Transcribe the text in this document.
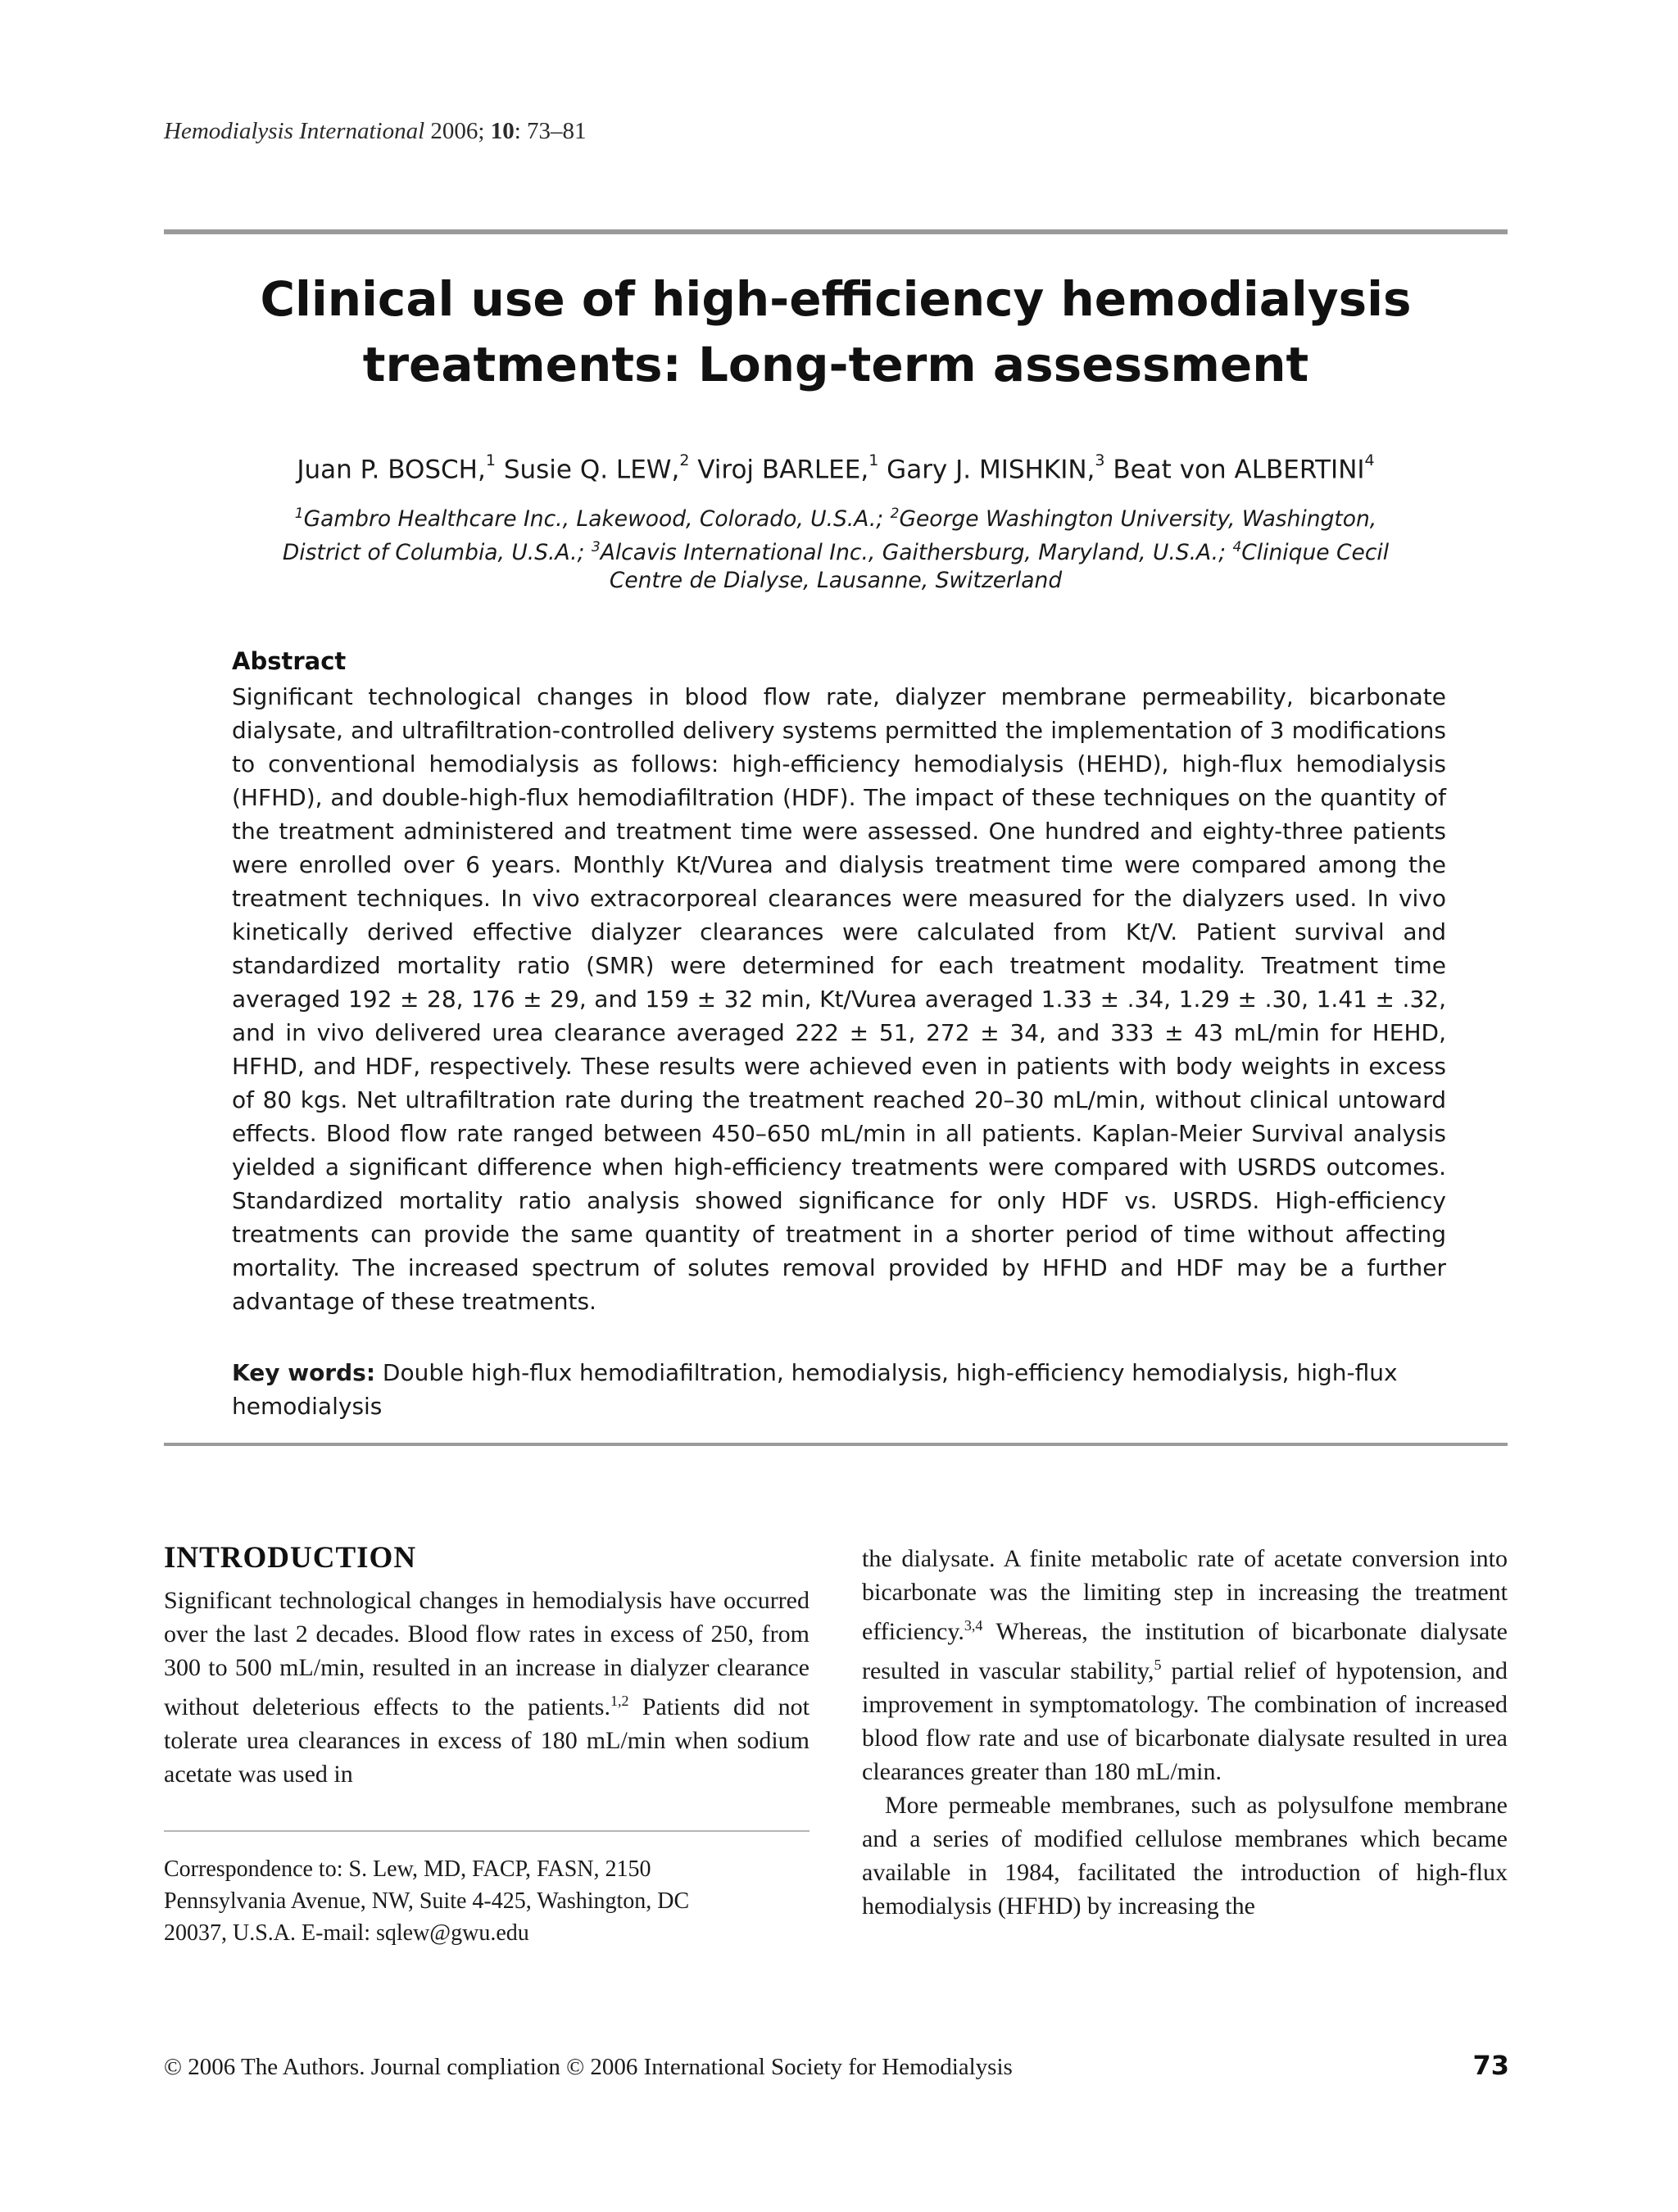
Hemodialysis International 2006; 10: 73–81
Clinical use of high-efficiency hemodialysis
treatments: Long-term assessment
Juan P. BOSCH,$^1$ Susie Q. LEW,$^2$ Viroj BARLEE,$^1$ Gary J. MISHKIN,$^3$ Beat von ALBERTINI$^4$
$^1$Gambro Healthcare Inc., Lakewood, Colorado, U.S.A.; $^2$George Washington University, Washington,
District of Columbia, U.S.A.; $^3$Alcavis International Inc., Gaithersburg, Maryland, U.S.A.; $^4$Clinique Cecil
Centre de Dialyse, Lausanne, Switzerland
Abstract

Significant technological changes in blood flow rate, dialyzer membrane permeability, bicarbonate dialysate, and ultrafiltration-controlled delivery systems permitted the implementation of 3 modifications to conventional hemodialysis as follows: high-efficiency hemodialysis (HEHD), high-flux hemodialysis (HFHD), and double-high-flux hemodiafiltration (HDF). The impact of these techniques on the quantity of the treatment administered and treatment time were assessed. One hundred and eighty-three patients were enrolled over 6 years. Monthly Kt/Vurea and dialysis treatment time were compared among the treatment techniques. In vivo extracorporeal clearances were measured for the dialyzers used. In vivo kinetically derived effective dialyzer clearances were calculated from Kt/V. Patient survival and standardized mortality ratio (SMR) were determined for each treatment modality. Treatment time averaged 192 ± 28, 176 ± 29, and 159 ± 32 min, Kt/Vurea averaged 1.33 ± .34, 1.29 ± .30, 1.41 ± .32, and in vivo delivered urea clearance averaged 222 ± 51, 272 ± 34, and 333 ± 43 mL/min for HEHD, HFHD, and HDF, respectively. These results were achieved even in patients with body weights in excess of 80 kgs. Net ultrafiltration rate during the treatment reached 20–30 mL/min, without clinical untoward effects. Blood flow rate ranged between 450–650 mL/min in all patients. Kaplan-Meier Survival analysis yielded a significant difference when high-efficiency treatments were compared with USRDS outcomes. Standardized mortality ratio analysis showed significance for only HDF vs. USRDS. High-efficiency treatments can provide the same quantity of treatment in a shorter period of time without affecting mortality. The increased spectrum of solutes removal provided by HFHD and HDF may be a further advantage of these treatments.

Key words: Double high-flux hemodiafiltration, hemodialysis, high-efficiency hemodialysis, high-flux hemodialysis
INTRODUCTION

Significant technological changes in hemodialysis have occurred over the last 2 decades. Blood flow rates in excess of 250, from 300 to 500 mL/min, resulted in an increase in dialyzer clearance without deleterious effects to the patients.$^{1,2}$ Patients did not tolerate urea clearances in excess of 180 mL/min when sodium acetate was used in

Correspondence to: S. Lew, MD, FACP, FASN, 2150
Pennsylvania Avenue, NW, Suite 4-425, Washington, DC
20037, U.S.A. E-mail: sqlew@gwu.edu

the dialysate. A finite metabolic rate of acetate conversion into bicarbonate was the limiting step in increasing the treatment efficiency.$^{3,4}$ Whereas, the institution of bicarbonate dialysate resulted in vascular stability,$^5$ partial relief of hypotension, and improvement in symptomatology. The combination of increased blood flow rate and use of bicarbonate dialysate resulted in urea clearances greater than 180 mL/min.

More permeable membranes, such as polysulfone membrane and a series of modified cellulose membranes which became available in 1984, facilitated the introduction of high-flux hemodialysis (HFHD) by increasing the

© 2006 The Authors. Journal compliation © 2006 International Society for Hemodialysis	73
